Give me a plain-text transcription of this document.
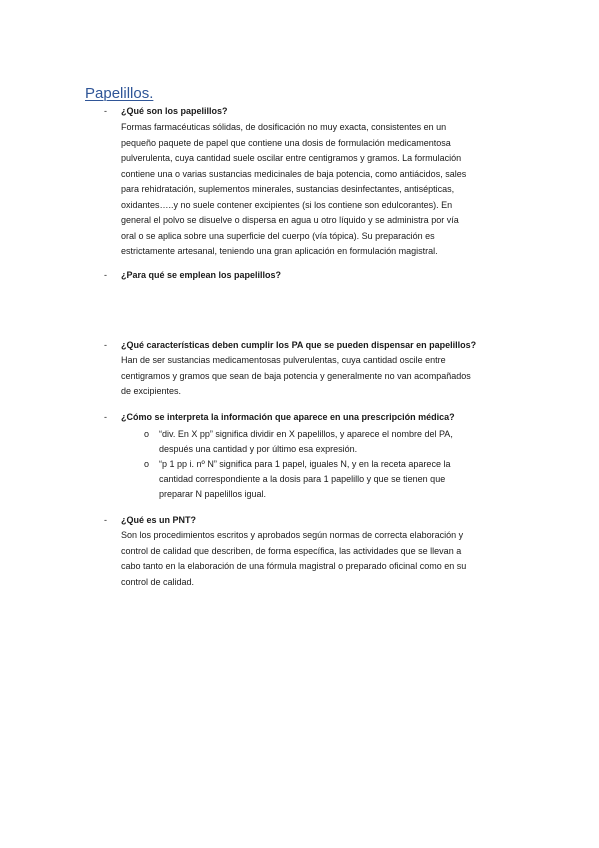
Papelillos.
- ¿Qué son los papelillos?

Formas farmacéuticas sólidas, de dosificación no muy exacta, consistentes en un
pequeño paquete de papel que contiene una dosis de formulación medicamentosa
pulverulenta, cuya cantidad suele oscilar entre centigramos y gramos. La formulación
contiene una o varias sustancias medicinales de baja potencia, como antiácidos, sales
para rehidratación, suplementos minerales, sustancias desinfectantes, antisépticas,
oxidantes…..y no suele contener excipientes (si los contiene son edulcorantes). En
general el polvo se disuelve o dispersa en agua u otro líquido y se administra por vía
oral o se aplica sobre una superficie del cuerpo (vía tópica). Su preparación es
estrictamente artesanal, teniendo una gran aplicación en formulación magistral.

- ¿Para qué se emplean los papelillos?
- ¿Qué características deben cumplir los PA que se pueden dispensar en papelillos?

Han de ser sustancias medicamentosas pulverulentas, cuya cantidad oscile entre
centigramos y gramos que sean de baja potencia y generalmente no van acompañados
de excipientes.

- ¿Cómo se interpreta la información que aparece en una prescripción médica?
o “div. En X pp” significa dividir en X papelillos, y aparece el nombre del PA,
después una cantidad y por último esa expresión.

o “p 1 pp i. nº N” significa para 1 papel, iguales N, y en la receta aparece la
cantidad correspondiente a la dosis para 1 papelillo y que se tienen que
preparar N papelillos igual.

- ¿Qué es un PNT?

Son los procedimientos escritos y aprobados según normas de correcta elaboración y
control de calidad que describen, de forma específica, las actividades que se llevan a
cabo tanto en la elaboración de una fórmula magistral o preparado oficinal como en su
control de calidad.
